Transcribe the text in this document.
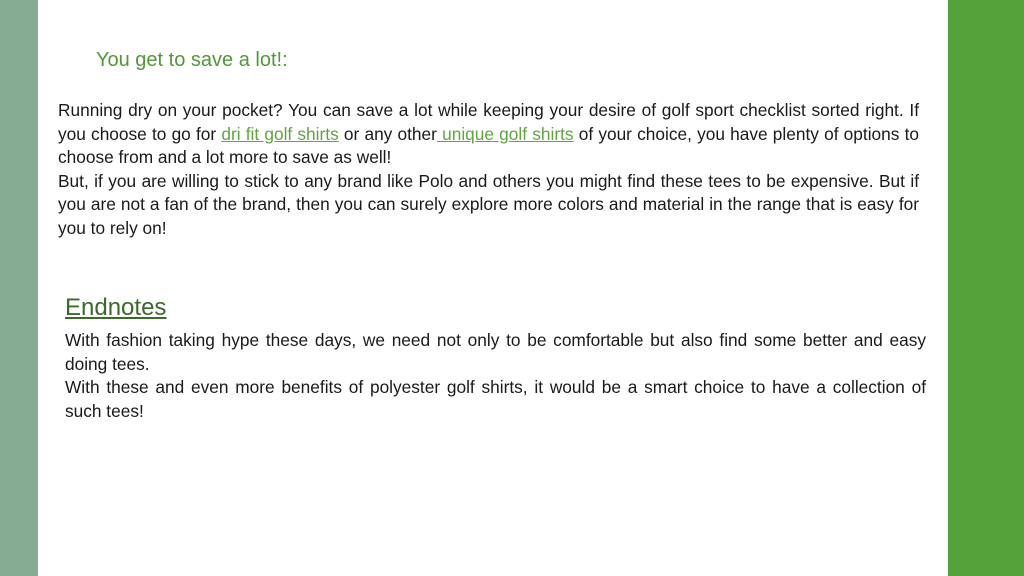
You get to save a lot!:

Running dry on your pocket? You can save a lot while keeping your desire of golf sport checklist sorted right. If you choose to go for dri fit golf shirts or any other unique golf shirts of your choice, you have plenty of options to choose from and a lot more to save as well!

But, if you are willing to stick to any brand like Polo and others you might find these tees to be expensive. But if you are not a fan of the brand, then you can surely explore more colors and material in the range that is easy for you to rely on!

Endnotes

With fashion taking hype these days, we need not only to be comfortable but also find some better and easy doing tees.

With these and even more benefits of polyester golf shirts, it would be a smart choice to have a collection of such tees!
